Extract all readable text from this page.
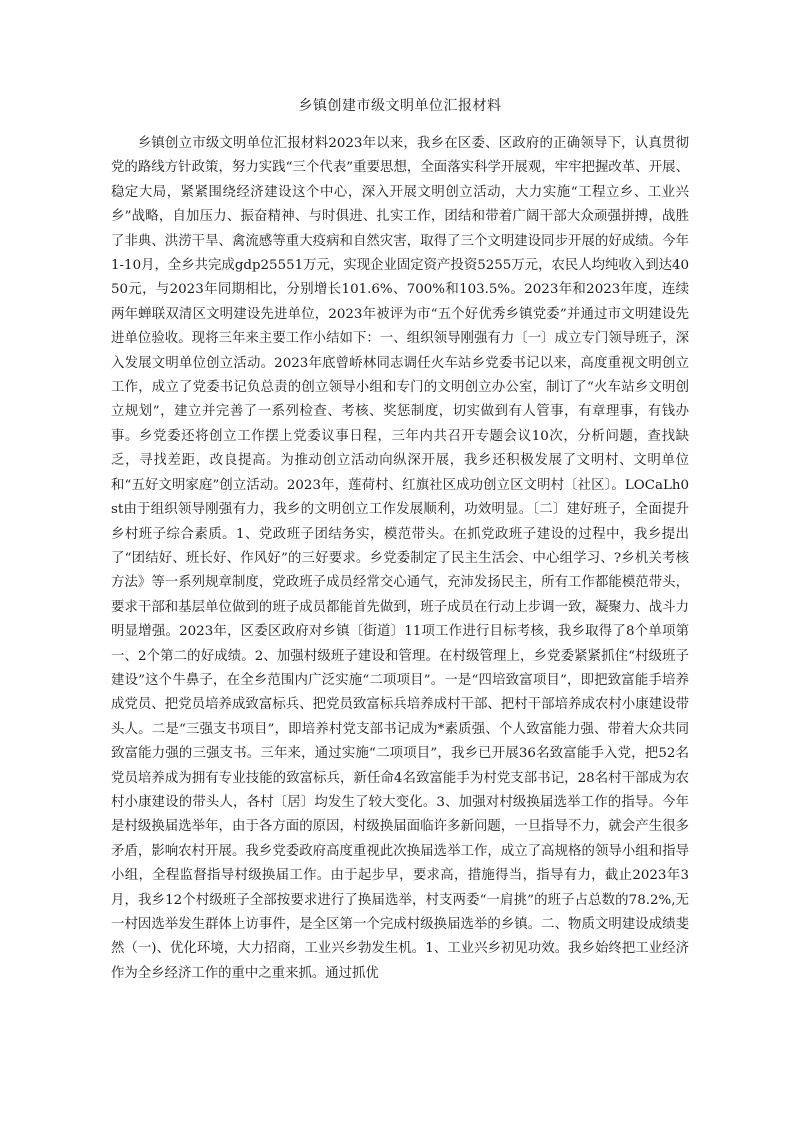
乡镇创建市级文明单位汇报材料

乡镇创立市级文明单位汇报材料2023年以来，我乡在区委、区政府的正确领导下，认真贯彻党的路线方针政策，努力实践“三个代表”重要思想，全面落实科学开展观，牢牢把握改革、开展、稳定大局，紧紧围绕经济建设这个中心，深入开展文明创立活动，大力实施“工程立乡、工业兴乡”战略，自加压力、振奋精神、与时俱进、扎实工作，团结和带着广阔干部大众顽强拼搏，战胜了非典、洪涝干旱、禽流感等重大疫病和自然灾害，取得了三个文明建设同步开展的好成绩。今年1-10月，全乡共完成gdp25551万元，实现企业固定资产投资5255万元，农民人均纯收入到达4050元，与2023年同期相比，分别增长101.6%、700%和103.5%。2023年和2023年度，连续两年蝉联双清区文明建设先进单位，2023年被评为市“五个好优秀乡镇党委”并通过市文明建设先进单位验收。现将三年来主要工作小结如下：一、组织领导刚强有力〔一〕成立专门领导班子，深入发展文明单位创立活动。2023年底曾峤林同志调任火车站乡党委书记以来，高度重视文明创立工作，成立了党委书记负总责的创立领导小组和专门的文明创立办公室，制订了“火车站乡文明创立规划”，建立并完善了一系列检查、考核、奖惩制度，切实做到有人管事，有章理事，有钱办事。乡党委还将创立工作摆上党委议事日程，三年内共召开专题会议10次，分析问题，查找缺乏，寻找差距，改良提高。为推动创立活动向纵深开展，我乡还积极发展了文明村、文明单位和“五好文明家庭”创立活动。2023年，莲荷村、红旗社区成功创立区文明村〔社区〕。LOCaLh0st由于组织领导刚强有力，我乡的文明创立工作发展顺利，功效明显。〔二〕建好班子，全面提升乡村班子综合素质。1、党政班子团结务实，模范带头。在抓党政班子建设的过程中，我乡提出了“团结好、班长好、作风好”的三好要求。乡党委制定了民主生活会、中心组学习、?乡机关考核方法》等一系列规章制度，党政班子成员经常交心通气，充沛发扬民主，所有工作都能模范带头，要求干部和基层单位做到的班子成员都能首先做到，班子成员在行动上步调一致，凝聚力、战斗力明显增强。2023年，区委区政府对乡镇〔街道〕11项工作进行目标考核，我乡取得了8个单项第一、2个第二的好成绩。2、加强村级班子建设和管理。在村级管理上，乡党委紧紧抓住“村级班子建设”这个牛鼻子，在全乡范围内广泛实施“二项项目”。一是“四培致富项目”，即把致富能手培养成党员、把党员培养成致富标兵、把党员致富标兵培养成村干部、把村干部培养成农村小康建设带头人。二是“三强支书项目”，即培养村党支部书记成为*素质强、个人致富能力强、带着大众共同致富能力强的三强支书。三年来，通过实施“二项项目”，我乡已开展36名致富能手入党，把52名党员培养成为拥有专业技能的致富标兵，新任命4名致富能手为村党支部书记，28名村干部成为农村小康建设的带头人，各村〔居〕均发生了较大变化。3、加强对村级换届选举工作的指导。今年是村级换届选举年，由于各方面的原因，村级换届面临许多新问题，一旦指导不力，就会产生很多矛盾，影响农村开展。我乡党委政府高度重视此次换届选举工作，成立了高规格的领导小组和指导小组，全程监督指导村级换届工作。由于起步早，要求高，措施得当，指导有力，截止2023年3月，我乡12个村级班子全部按要求进行了换届选举，村支两委“一肩挑”的班子占总数的78.2%,无一村因选举发生群体上访事件，是全区第一个完成村级换届选举的乡镇。二、物质文明建设成绩斐然（一)、优化环境，大力招商，工业兴乡勃发生机。1、工业兴乡初见功效。我乡始终把工业经济作为全乡经济工作的重中之重来抓。通过抓优
